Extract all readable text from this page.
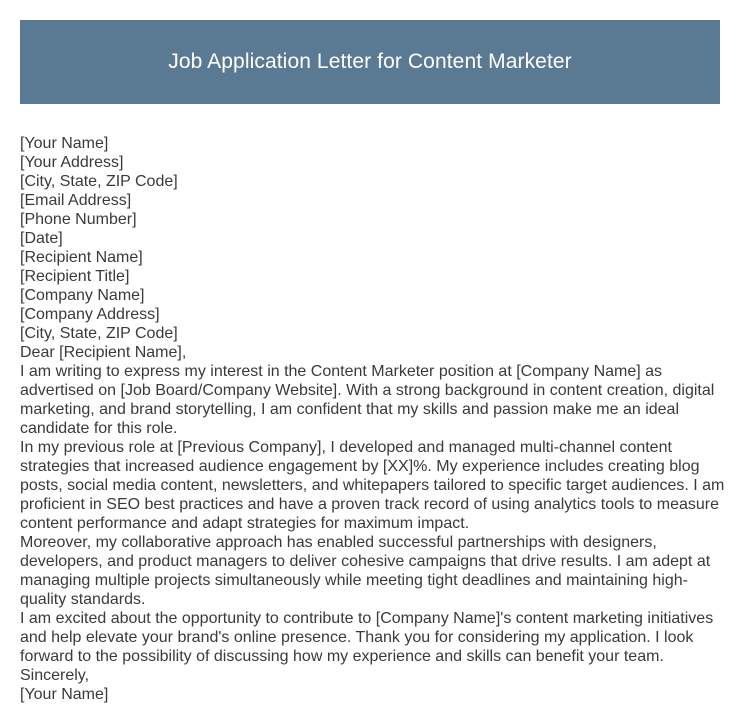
Job Application Letter for Content Marketer

[Your Name]

[Your Address]

[City, State, ZIP Code]

[Email Address]

[Phone Number]

[Date]

[Recipient Name]

[Recipient Title]

[Company Name]

[Company Address]

[City, State, ZIP Code]

Dear [Recipient Name],

I am writing to express my interest in the Content Marketer position at [Company Name] as advertised on [Job Board/Company Website]. With a strong background in content creation, digital marketing, and brand storytelling, I am confident that my skills and passion make me an ideal candidate for this role.

In my previous role at [Previous Company], I developed and managed multi-channel content strategies that increased audience engagement by [XX]%. My experience includes creating blog posts, social media content, newsletters, and whitepapers tailored to specific target audiences. I am proficient in SEO best practices and have a proven track record of using analytics tools to measure content performance and adapt strategies for maximum impact.

Moreover, my collaborative approach has enabled successful partnerships with designers, developers, and product managers to deliver cohesive campaigns that drive results. I am adept at managing multiple projects simultaneously while meeting tight deadlines and maintaining high-quality standards.

I am excited about the opportunity to contribute to [Company Name]'s content marketing initiatives and help elevate your brand's online presence. Thank you for considering my application. I look forward to the possibility of discussing how my experience and skills can benefit your team.

Sincerely,

[Your Name]
